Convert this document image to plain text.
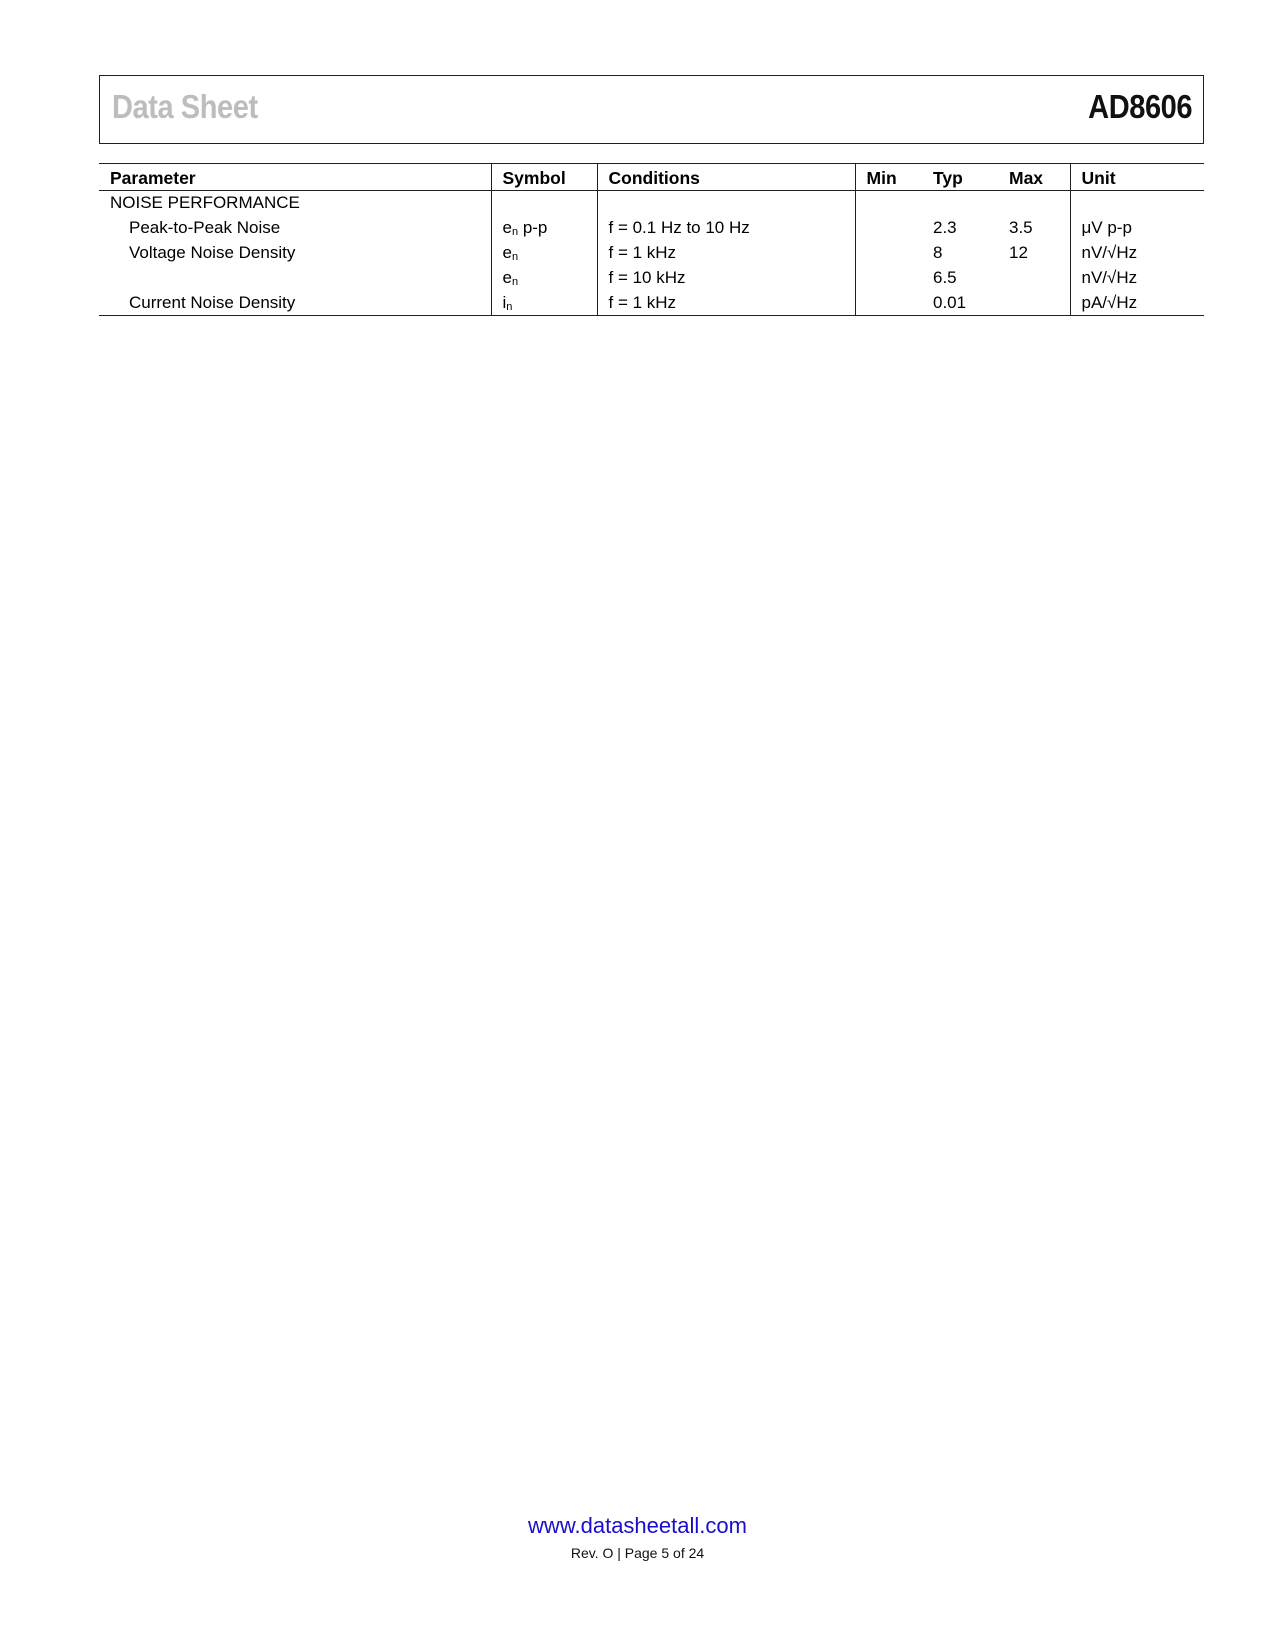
Data Sheet	AD8606
Parameter	Symbol	Conditions	Min	Typ	Max	Unit
NOISE PERFORMANCE						
Peak-to-Peak Noise	$e_n$ p-p	f = 0.1 Hz to 10 Hz		2.3	3.5	μV p-p
Voltage Noise Density	$e_n$	f = 1 kHz		8	12	nV/√Hz
	$e_n$	f = 10 kHz		6.5		nV/√Hz
Current Noise Density	$i_n$	f = 1 kHz		0.01		pA/√Hz
www.datasheetall.com
Rev. O | Page 5 of 24
